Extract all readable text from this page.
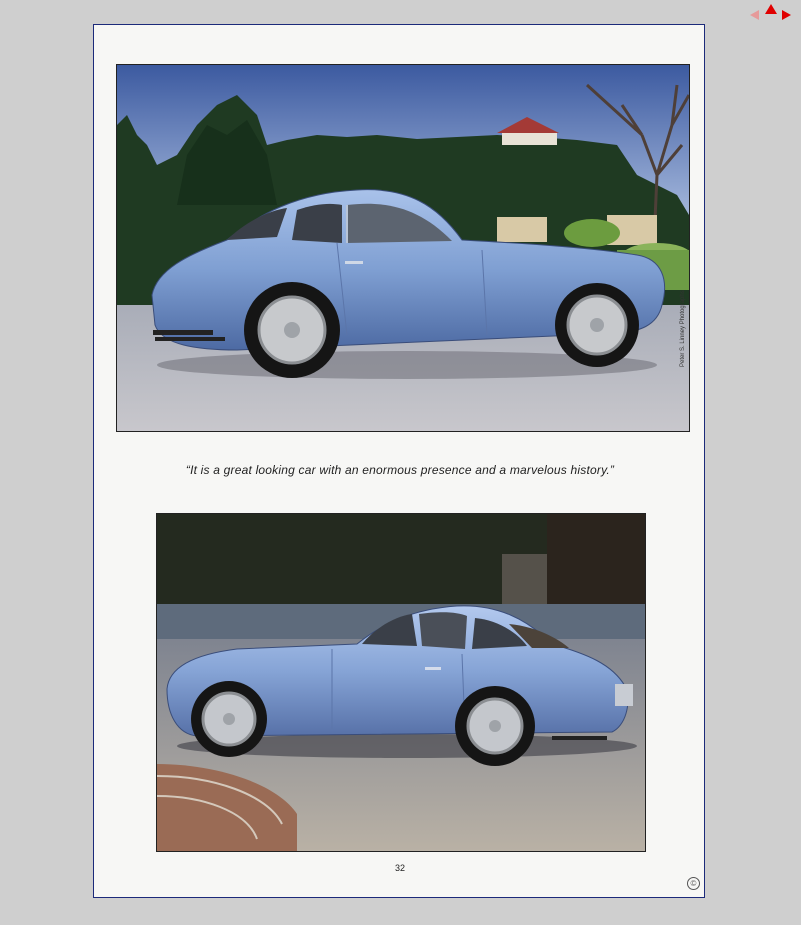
Peter S. Linney Photographs
“It is a great looking car with an enormous presence and a marvelous history.”
32
©
